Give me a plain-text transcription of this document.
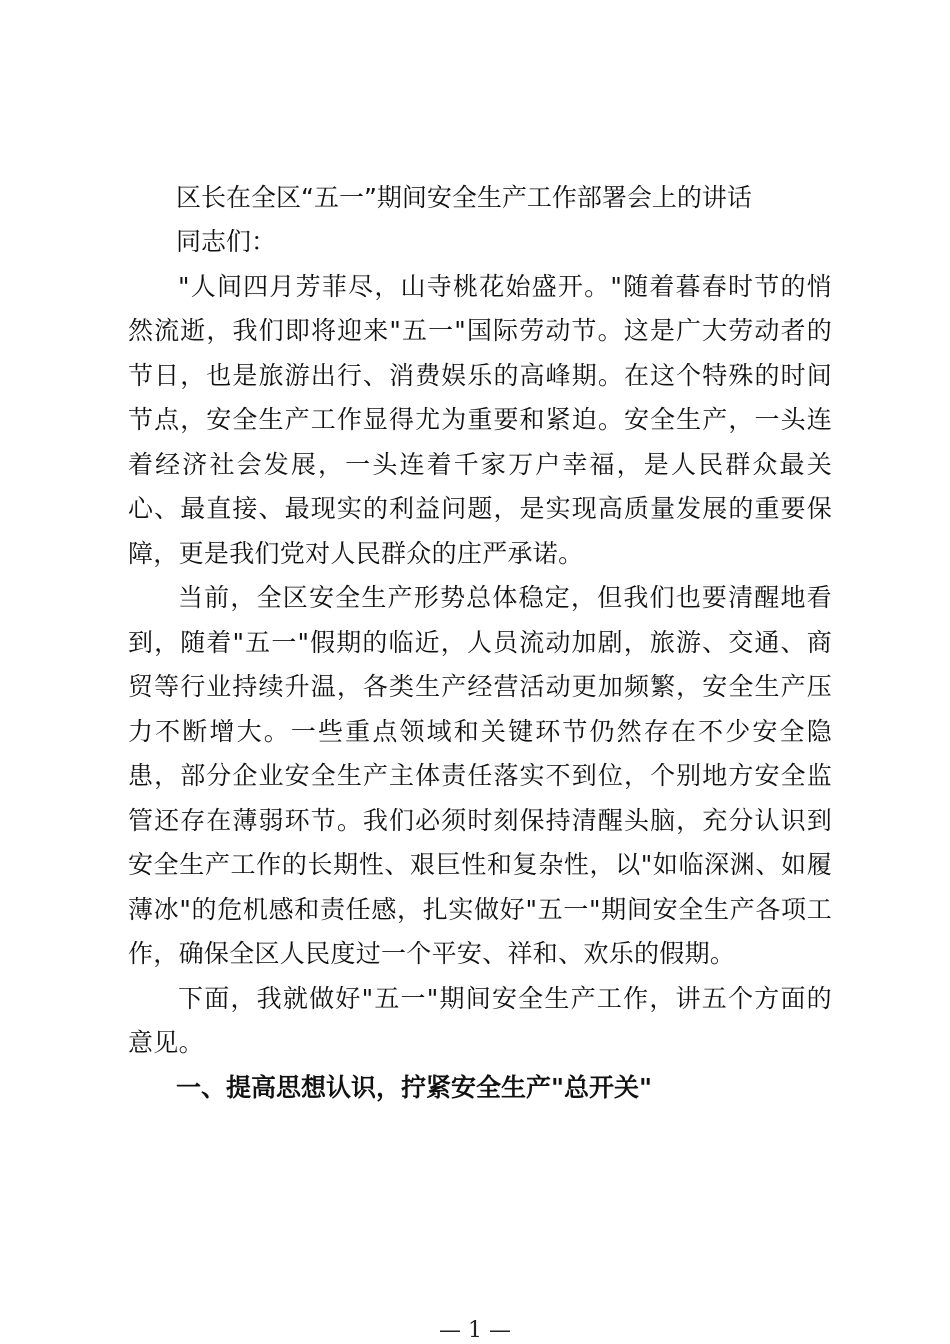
区长在全区“五一”期间安全生产工作部署会上的讲话

同志们：

"人间四月芳菲尽，山寺桃花始盛开。"随着暮春时节的悄然流逝，我们即将迎来"五一"国际劳动节。这是广大劳动者的节日，也是旅游出行、消费娱乐的高峰期。在这个特殊的时间节点，安全生产工作显得尤为重要和紧迫。安全生产，一头连着经济社会发展，一头连着千家万户幸福，是人民群众最关心、最直接、最现实的利益问题，是实现高质量发展的重要保障，更是我们党对人民群众的庄严承诺。

当前，全区安全生产形势总体稳定，但我们也要清醒地看到，随着"五一"假期的临近，人员流动加剧，旅游、交通、商贸等行业持续升温，各类生产经营活动更加频繁，安全生产压力不断增大。一些重点领域和关键环节仍然存在不少安全隐患，部分企业安全生产主体责任落实不到位，个别地方安全监管还存在薄弱环节。我们必须时刻保持清醒头脑，充分认识到安全生产工作的长期性、艰巨性和复杂性，以"如临深渊、如履薄冰"的危机感和责任感，扎实做好"五一"期间安全生产各项工作，确保全区人民度过一个平安、祥和、欢乐的假期。

下面，我就做好"五一"期间安全生产工作，讲五个方面的意见。

一、提高思想认识，拧紧安全生产"总开关"

— 1 —
